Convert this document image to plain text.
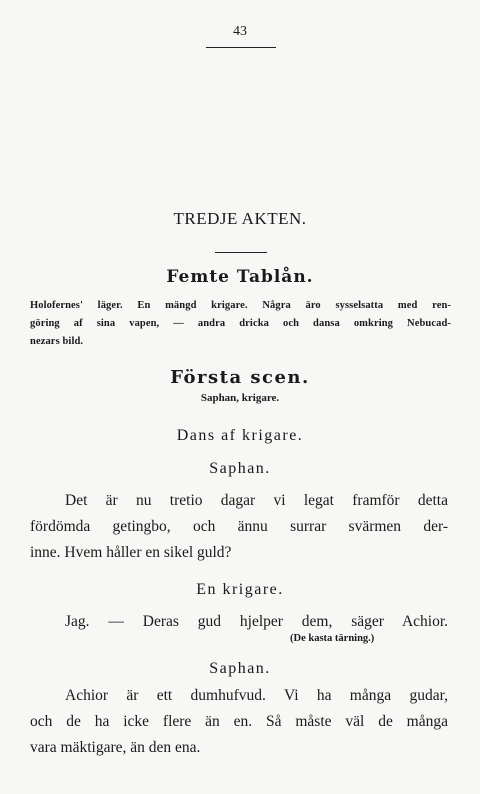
43
TREDJE AKTEN.
Femte Tablån.
Holofernes' läger. En mängd krigare. Några äro sysselsatta med ren-
göring af sina vapen, — andra dricka och dansa omkring Nebucad-
nezars bild.
Första scen.
Saphan, krigare.
Dans af krigare.
Saphan.
Det är nu tretio dagar vi legat framför detta
fördömda getingbo, och ännu surrar svärmen der-
inne. Hvem håller en sikel guld?
En krigare.
Jag. — Deras gud hjelper dem, säger Achior.
(De kasta tärning.)
Saphan.
Achior är ett dumhufvud. Vi ha många gudar,
och de ha icke flere än en. Så måste väl de många
vara mäktigare, än den ena.
